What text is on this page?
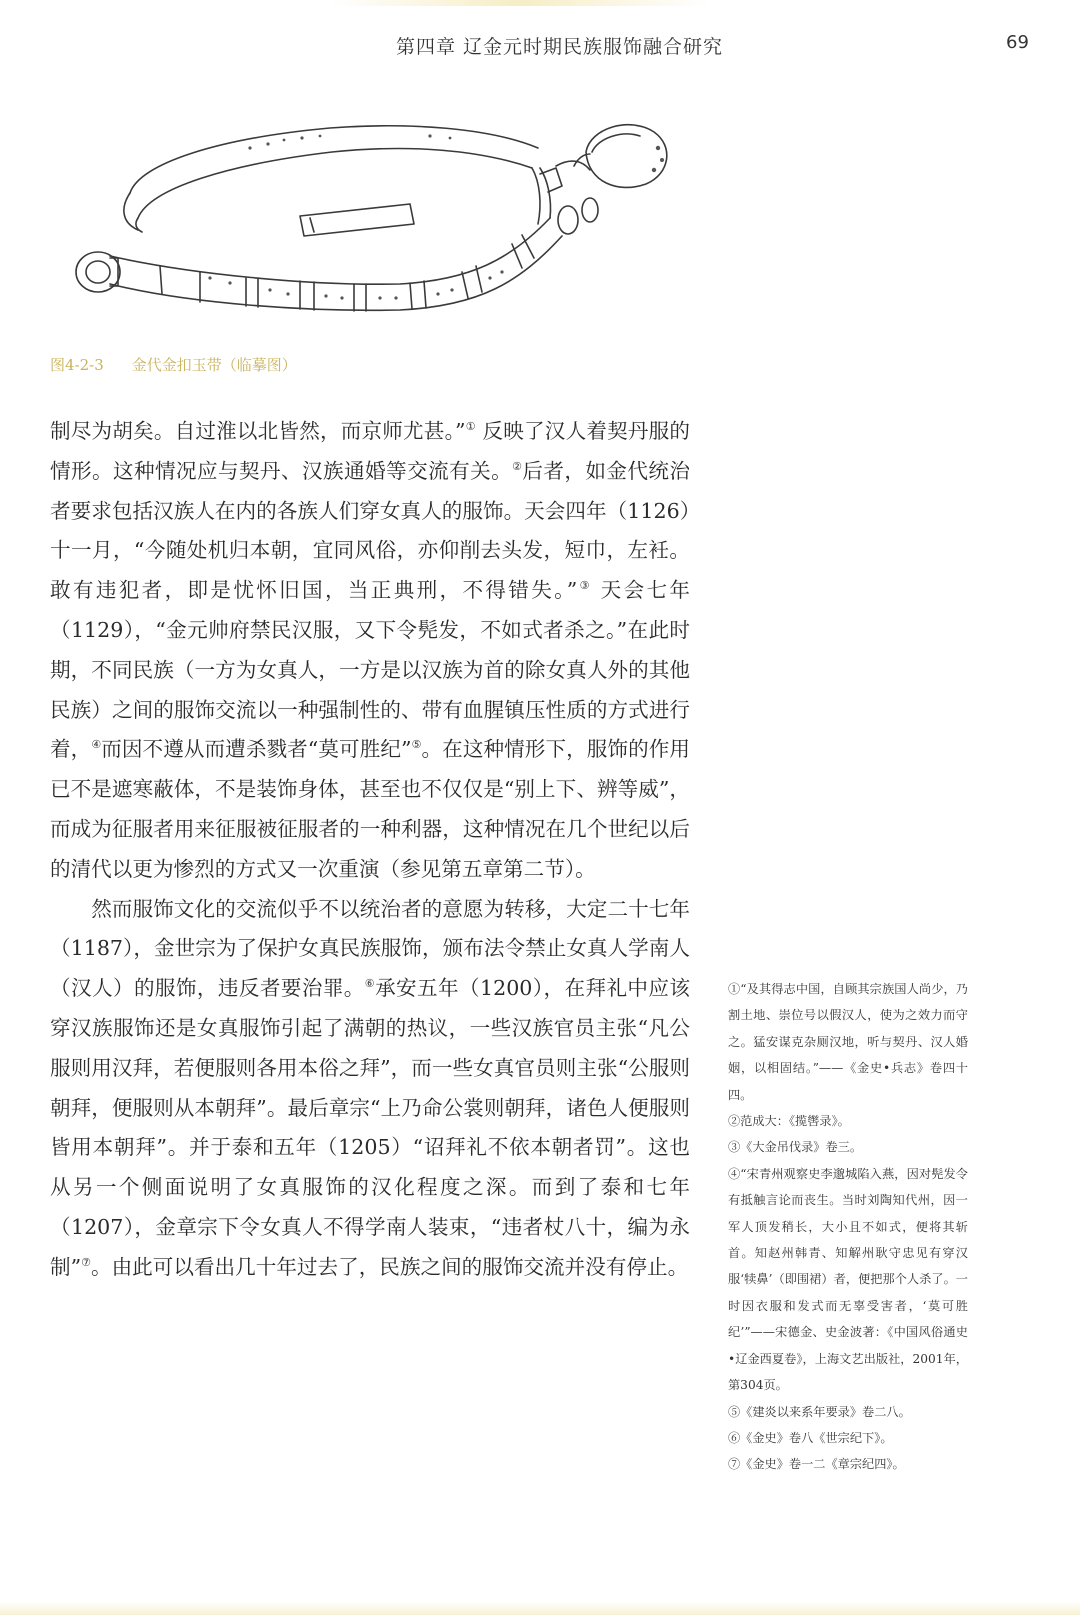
第四章 辽金元时期民族服饰融合研究	69
图4-2-3 金代金扣玉带（临摹图）

制尽为胡矣。自过淮以北皆然，而京师尤甚。”① 反映了汉人着契丹服的情形。这种情况应与契丹、汉族通婚等交流有关。②后者，如金代统治者要求包括汉族人在内的各族人们穿女真人的服饰。天会四年（1126）十一月，“今随处机归本朝，宜同风俗，亦仰削去头发，短巾，左衽。敢有违犯者，即是忧怀旧国，当正典刑，不得错失。”③ 天会七年（1129），“金元帅府禁民汉服，又下令髡发，不如式者杀之。”在此时期，不同民族（一方为女真人，一方是以汉族为首的除女真人外的其他民族）之间的服饰交流以一种强制性的、带有血腥镇压性质的方式进行着，④而因不遵从而遭杀戮者“莫可胜纪”⑤。在这种情形下，服饰的作用已不是遮寒蔽体，不是装饰身体，甚至也不仅仅是“别上下、辨等威”，而成为征服者用来征服被征服者的一种利器，这种情况在几个世纪以后的清代以更为惨烈的方式又一次重演（参见第五章第二节）。

然而服饰文化的交流似乎不以统治者的意愿为转移，大定二十七年（1187），金世宗为了保护女真民族服饰，颁布法令禁止女真人学南人（汉人）的服饰，违反者要治罪。⑥承安五年（1200），在拜礼中应该穿汉族服饰还是女真服饰引起了满朝的热议，一些汉族官员主张“凡公服则用汉拜，若便服则各用本俗之拜”，而一些女真官员则主张“公服则朝拜，便服则从本朝拜”。最后章宗“上乃命公裳则朝拜，诸色人便服则皆用本朝拜”。并于泰和五年（1205）“诏拜礼不依本朝者罚”。这也从另一个侧面说明了女真服饰的汉化程度之深。而到了泰和七年（1207），金章宗下令女真人不得学南人装束，“违者杖八十，编为永制”⑦。由此可以看出几十年过去了，民族之间的服饰交流并没有停止。

①“及其得志中国，自顾其宗族国人尚少，乃割土地、崇位号以假汉人，使为之效力而守之。猛安谋克杂厕汉地，听与契丹、汉人婚姻，以相固结。”——《金史•兵志》卷四十四。

②范成大：《揽辔录》。

③《大金吊伐录》卷三。

④“宋青州观察史李邈城陷入燕，因对髡发令有抵触言论而丧生。当时刘陶知代州，因一军人顶发稍长，大小且不如式，便将其斩首。知赵州韩青、知解州耿守忠见有穿汉服‘犊鼻’（即围裙）者，便把那个人杀了。一时因衣服和发式而无辜受害者，‘莫可胜纪’”——宋德金、史金波著：《中国风俗通史•辽金西夏卷》，上海文艺出版社，2001年，第304页。

⑤《建炎以来系年要录》卷二八。

⑥《金史》卷八《世宗纪下》。

⑦《金史》卷一二《章宗纪四》。
